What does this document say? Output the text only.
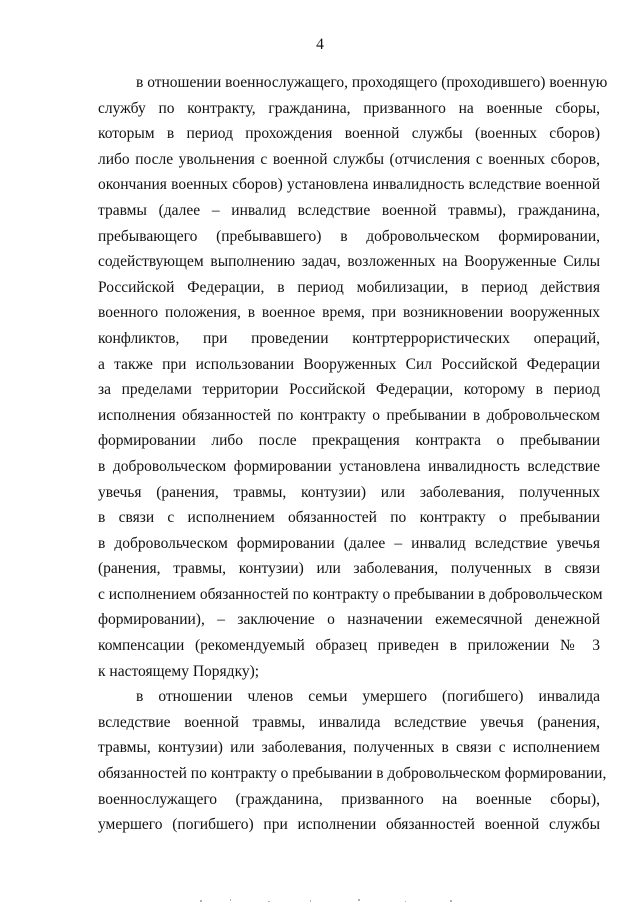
4
в отношении военнослужащего, проходящего (проходившего) военную
службу по контракту, гражданина, призванного на военные сборы,
которым в период прохождения военной службы (военных сборов)
либо после увольнения с военной службы (отчисления с военных сборов,
окончания военных сборов) установлена инвалидность вследствие военной
травмы (далее – инвалид вследствие военной травмы), гражданина,
пребывающего (пребывавшего) в добровольческом формировании,
содействующем выполнению задач, возложенных на Вооруженные Силы
Российской Федерации, в период мобилизации, в период действия
военного положения, в военное время, при возникновении вооруженных
конфликтов, при проведении контртеррористических операций,
а также при использовании Вооруженных Сил Российской Федерации
за пределами территории Российской Федерации, которому в период
исполнения обязанностей по контракту о пребывании в добровольческом
формировании либо после прекращения контракта о пребывании
в добровольческом формировании установлена инвалидность вследствие
увечья (ранения, травмы, контузии) или заболевания, полученных
в связи с исполнением обязанностей по контракту о пребывании
в добровольческом формировании (далее – инвалид вследствие увечья
(ранения, травмы, контузии) или заболевания, полученных в связи
с исполнением обязанностей по контракту о пребывании в добровольческом
формировании), – заключение о назначении ежемесячной денежной
компенсации (рекомендуемый образец приведен в приложении № 3
к настоящему Порядку);
в отношении членов семьи умершего (погибшего) инвалида
вследствие военной травмы, инвалида вследствие увечья (ранения,
травмы, контузии) или заболевания, полученных в связи с исполнением
обязанностей по контракту о пребывании в добровольческом формировании,
военнослужащего (гражданина, призванного на военные сборы),
умершего (погибшего) при исполнении обязанностей военной службы
